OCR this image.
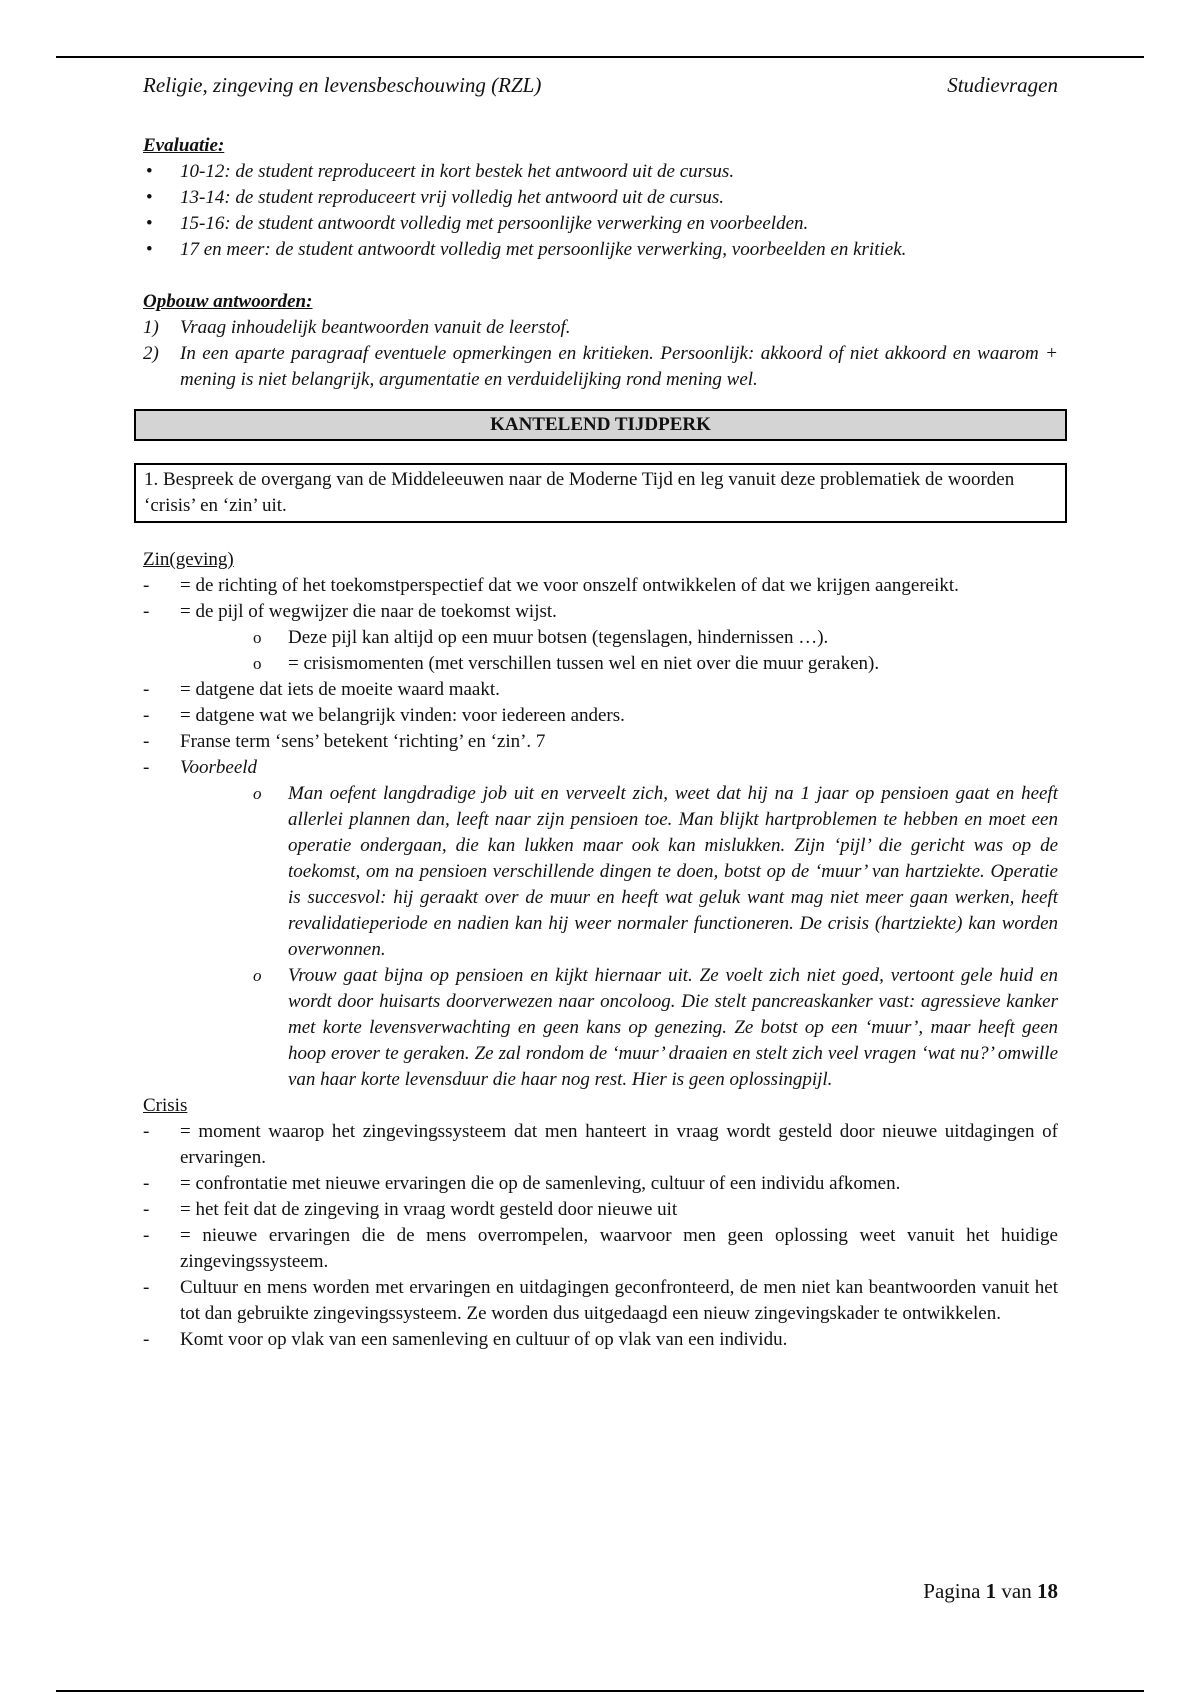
Religie, zingeving en levensbeschouwing (RZL)	Studievragen
Evaluatie:
• 10-12: de student reproduceert in kort bestek het antwoord uit de cursus.
• 13-14: de student reproduceert vrij volledig het antwoord uit de cursus.
• 15-16: de student antwoordt volledig met persoonlijke verwerking en voorbeelden.
• 17 en meer: de student antwoordt volledig met persoonlijke verwerking, voorbeelden en kritiek.
Opbouw antwoorden:
1) Vraag inhoudelijk beantwoorden vanuit de leerstof.
2) In een aparte paragraaf eventuele opmerkingen en kritieken. Persoonlijk: akkoord of niet akkoord en waarom + mening is niet belangrijk, argumentatie en verduidelijking rond mening wel.
KANTELEND TIJDPERK
1. Bespreek de overgang van de Middeleeuwen naar de Moderne Tijd en leg vanuit deze problematiek de woorden ‘crisis’ en ‘zin’ uit.
Zin(geving)
- = de richting of het toekomstperspectief dat we voor onszelf ontwikkelen of dat we krijgen aangereikt.
- = de pijl of wegwijzer die naar de toekomst wijst.
o Deze pijl kan altijd op een muur botsen (tegenslagen, hindernissen …).
o = crisismomenten (met verschillen tussen wel en niet over die muur geraken).
- = datgene dat iets de moeite waard maakt.
- = datgene wat we belangrijk vinden: voor iedereen anders.
- Franse term ‘sens’ betekent ‘richting’ en ‘zin’. 7
- Voorbeeld
o Man oefent langdradige job uit en verveelt zich, weet dat hij na 1 jaar op pensioen gaat en heeft allerlei plannen dan, leeft naar zijn pensioen toe. Man blijkt hartproblemen te hebben en moet een operatie ondergaan, die kan lukken maar ook kan mislukken. Zijn ‘pijl’ die gericht was op de toekomst, om na pensioen verschillende dingen te doen, botst op de ‘muur’ van hartziekte. Operatie is succesvol: hij geraakt over de muur en heeft wat geluk want mag niet meer gaan werken, heeft revalidatieperiode en nadien kan hij weer normaler functioneren. De crisis (hartziekte) kan worden overwonnen.
o Vrouw gaat bijna op pensioen en kijkt hiernaar uit. Ze voelt zich niet goed, vertoont gele huid en wordt door huisarts doorverwezen naar oncoloog. Die stelt pancreaskanker vast: agressieve kanker met korte levensverwachting en geen kans op genezing. Ze botst op een ‘muur’, maar heeft geen hoop erover te geraken. Ze zal rondom de ‘muur’ draaien en stelt zich veel vragen ‘wat nu?’ omwille van haar korte levensduur die haar nog rest. Hier is geen oplossingpijl.
Crisis
- = moment waarop het zingevingssysteem dat men hanteert in vraag wordt gesteld door nieuwe uitdagingen of ervaringen.
- = confrontatie met nieuwe ervaringen die op de samenleving, cultuur of een individu afkomen.
- = het feit dat de zingeving in vraag wordt gesteld door nieuwe uit
- = nieuwe ervaringen die de mens overrompelen, waarvoor men geen oplossing weet vanuit het huidige zingevingssysteem.
- Cultuur en mens worden met ervaringen en uitdagingen geconfronteerd, de men niet kan beantwoorden vanuit het tot dan gebruikte zingevingssysteem. Ze worden dus uitgedaagd een nieuw zingevingskader te ontwikkelen.
- Komt voor op vlak van een samenleving en cultuur of op vlak van een individu.
Pagina 1 van 18
